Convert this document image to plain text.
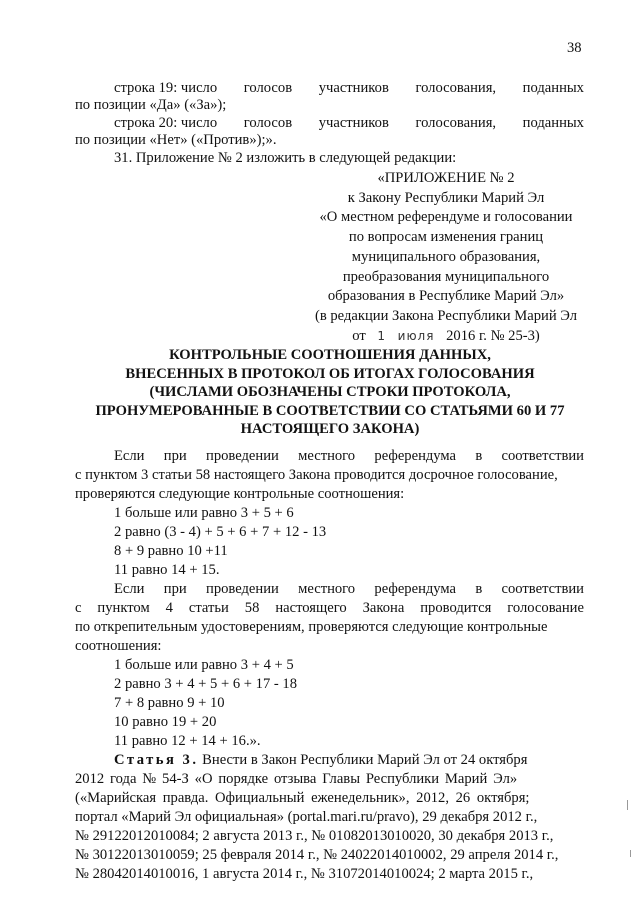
38
строка 19: число голосов участников голосования, поданных
по позиции «Да» («За»);
строка 20: число голосов участников голосования, поданных
по позиции «Нет» («Против»);».
31. Приложение № 2 изложить в следующей редакции:
«ПРИЛОЖЕНИЕ № 2
к Закону Республики Марий Эл
«О местном референдуме и голосовании
по вопросам изменения границ
муниципального образования,
преобразования муниципального
образования в Республике Марий Эл»
(в редакции Закона Республики Марий Эл
от 1 июля 2016 г. № 25-3)
КОНТРОЛЬНЫЕ СООТНОШЕНИЯ ДАННЫХ,
ВНЕСЕННЫХ В ПРОТОКОЛ ОБ ИТОГАХ ГОЛОСОВАНИЯ
(ЧИСЛАМИ ОБОЗНАЧЕНЫ СТРОКИ ПРОТОКОЛА,
ПРОНУМЕРОВАННЫЕ В СООТВЕТСТВИИ СО СТАТЬЯМИ 60 И 77
НАСТОЯЩЕГО ЗАКОНА)
Если при проведении местного референдума в соответствии
с пунктом 3 статьи 58 настоящего Закона проводится досрочное голосование,
проверяются следующие контрольные соотношения:
1 больше или равно 3 + 5 + 6
2 равно (3 - 4) + 5 + 6 + 7 + 12 - 13
8 + 9 равно 10 +11
11 равно 14 + 15.
Если при проведении местного референдума в соответствии
с пунктом 4 статьи 58 настоящего Закона проводится голосование
по открепительным удостоверениям, проверяются следующие контрольные
соотношения:
1 больше или равно 3 + 4 + 5
2 равно 3 + 4 + 5 + 6 + 17 - 18
7 + 8 равно 9 + 10
10 равно 19 + 20
11 равно 12 + 14 + 16.».
Статья 3. Внести в Закон Республики Марий Эл от 24 октября
2012 года № 54-З «О порядке отзыва Главы Республики Марий Эл»
(«Марийская правда. Официальный еженедельник», 2012, 26 октября;
портал «Марий Эл официальная» (portal.mari.ru/pravo), 29 декабря 2012 г.,
№ 29122012010084; 2 августа 2013 г., № 01082013010020, 30 декабря 2013 г.,
№ 30122013010059; 25 февраля 2014 г., № 24022014010002, 29 апреля 2014 г.,
№ 28042014010016, 1 августа 2014 г., № 31072014010024; 2 марта 2015 г.,
